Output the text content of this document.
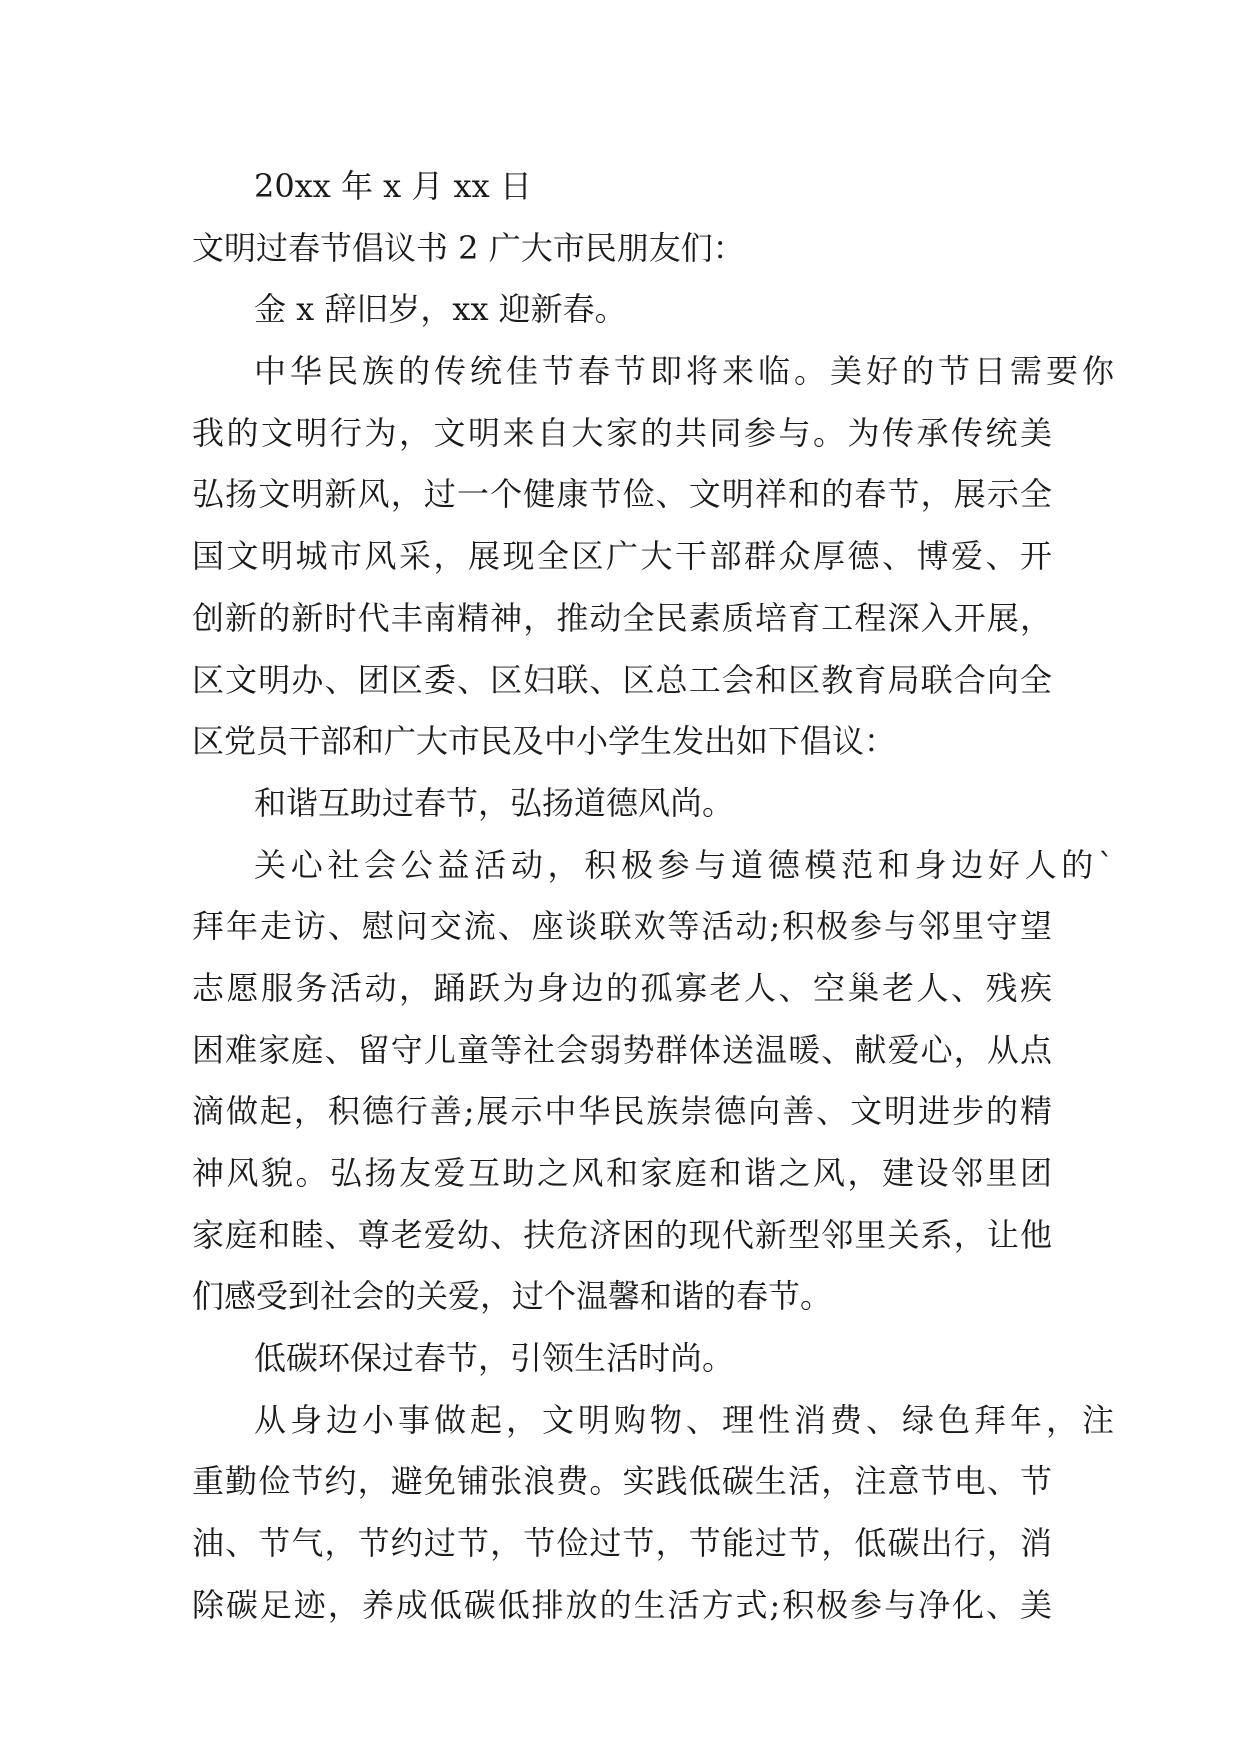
20xx 年 x 月 xx 日
文明过春节倡议书 2 广大市民朋友们：
金 x 辞旧岁，xx 迎新春。
中华民族的传统佳节春节即将来临。美好的节日需要你
我的文明行为，文明来自大家的共同参与。为传承传统美
弘扬文明新风，过一个健康节俭、文明祥和的春节，展示全
国文明城市风采，展现全区广大干部群众厚德、博爱、开
创新的新时代丰南精神，推动全民素质培育工程深入开展，
区文明办、团区委、区妇联、区总工会和区教育局联合向全
区党员干部和广大市民及中小学生发出如下倡议：
和谐互助过春节，弘扬道德风尚。
关心社会公益活动，积极参与道德模范和身边好人的`
拜年走访、慰问交流、座谈联欢等活动;积极参与邻里守望
志愿服务活动，踊跃为身边的孤寡老人、空巢老人、残疾
困难家庭、留守儿童等社会弱势群体送温暖、献爱心，从点
滴做起，积德行善;展示中华民族崇德向善、文明进步的精
神风貌。弘扬友爱互助之风和家庭和谐之风，建设邻里团
家庭和睦、尊老爱幼、扶危济困的现代新型邻里关系，让他
们感受到社会的关爱，过个温馨和谐的春节。
低碳环保过春节，引领生活时尚。
从身边小事做起，文明购物、理性消费、绿色拜年，注
重勤俭节约，避免铺张浪费。实践低碳生活，注意节电、节
油、节气，节约过节，节俭过节，节能过节，低碳出行，消
除碳足迹，养成低碳低排放的生活方式;积极参与净化、美
